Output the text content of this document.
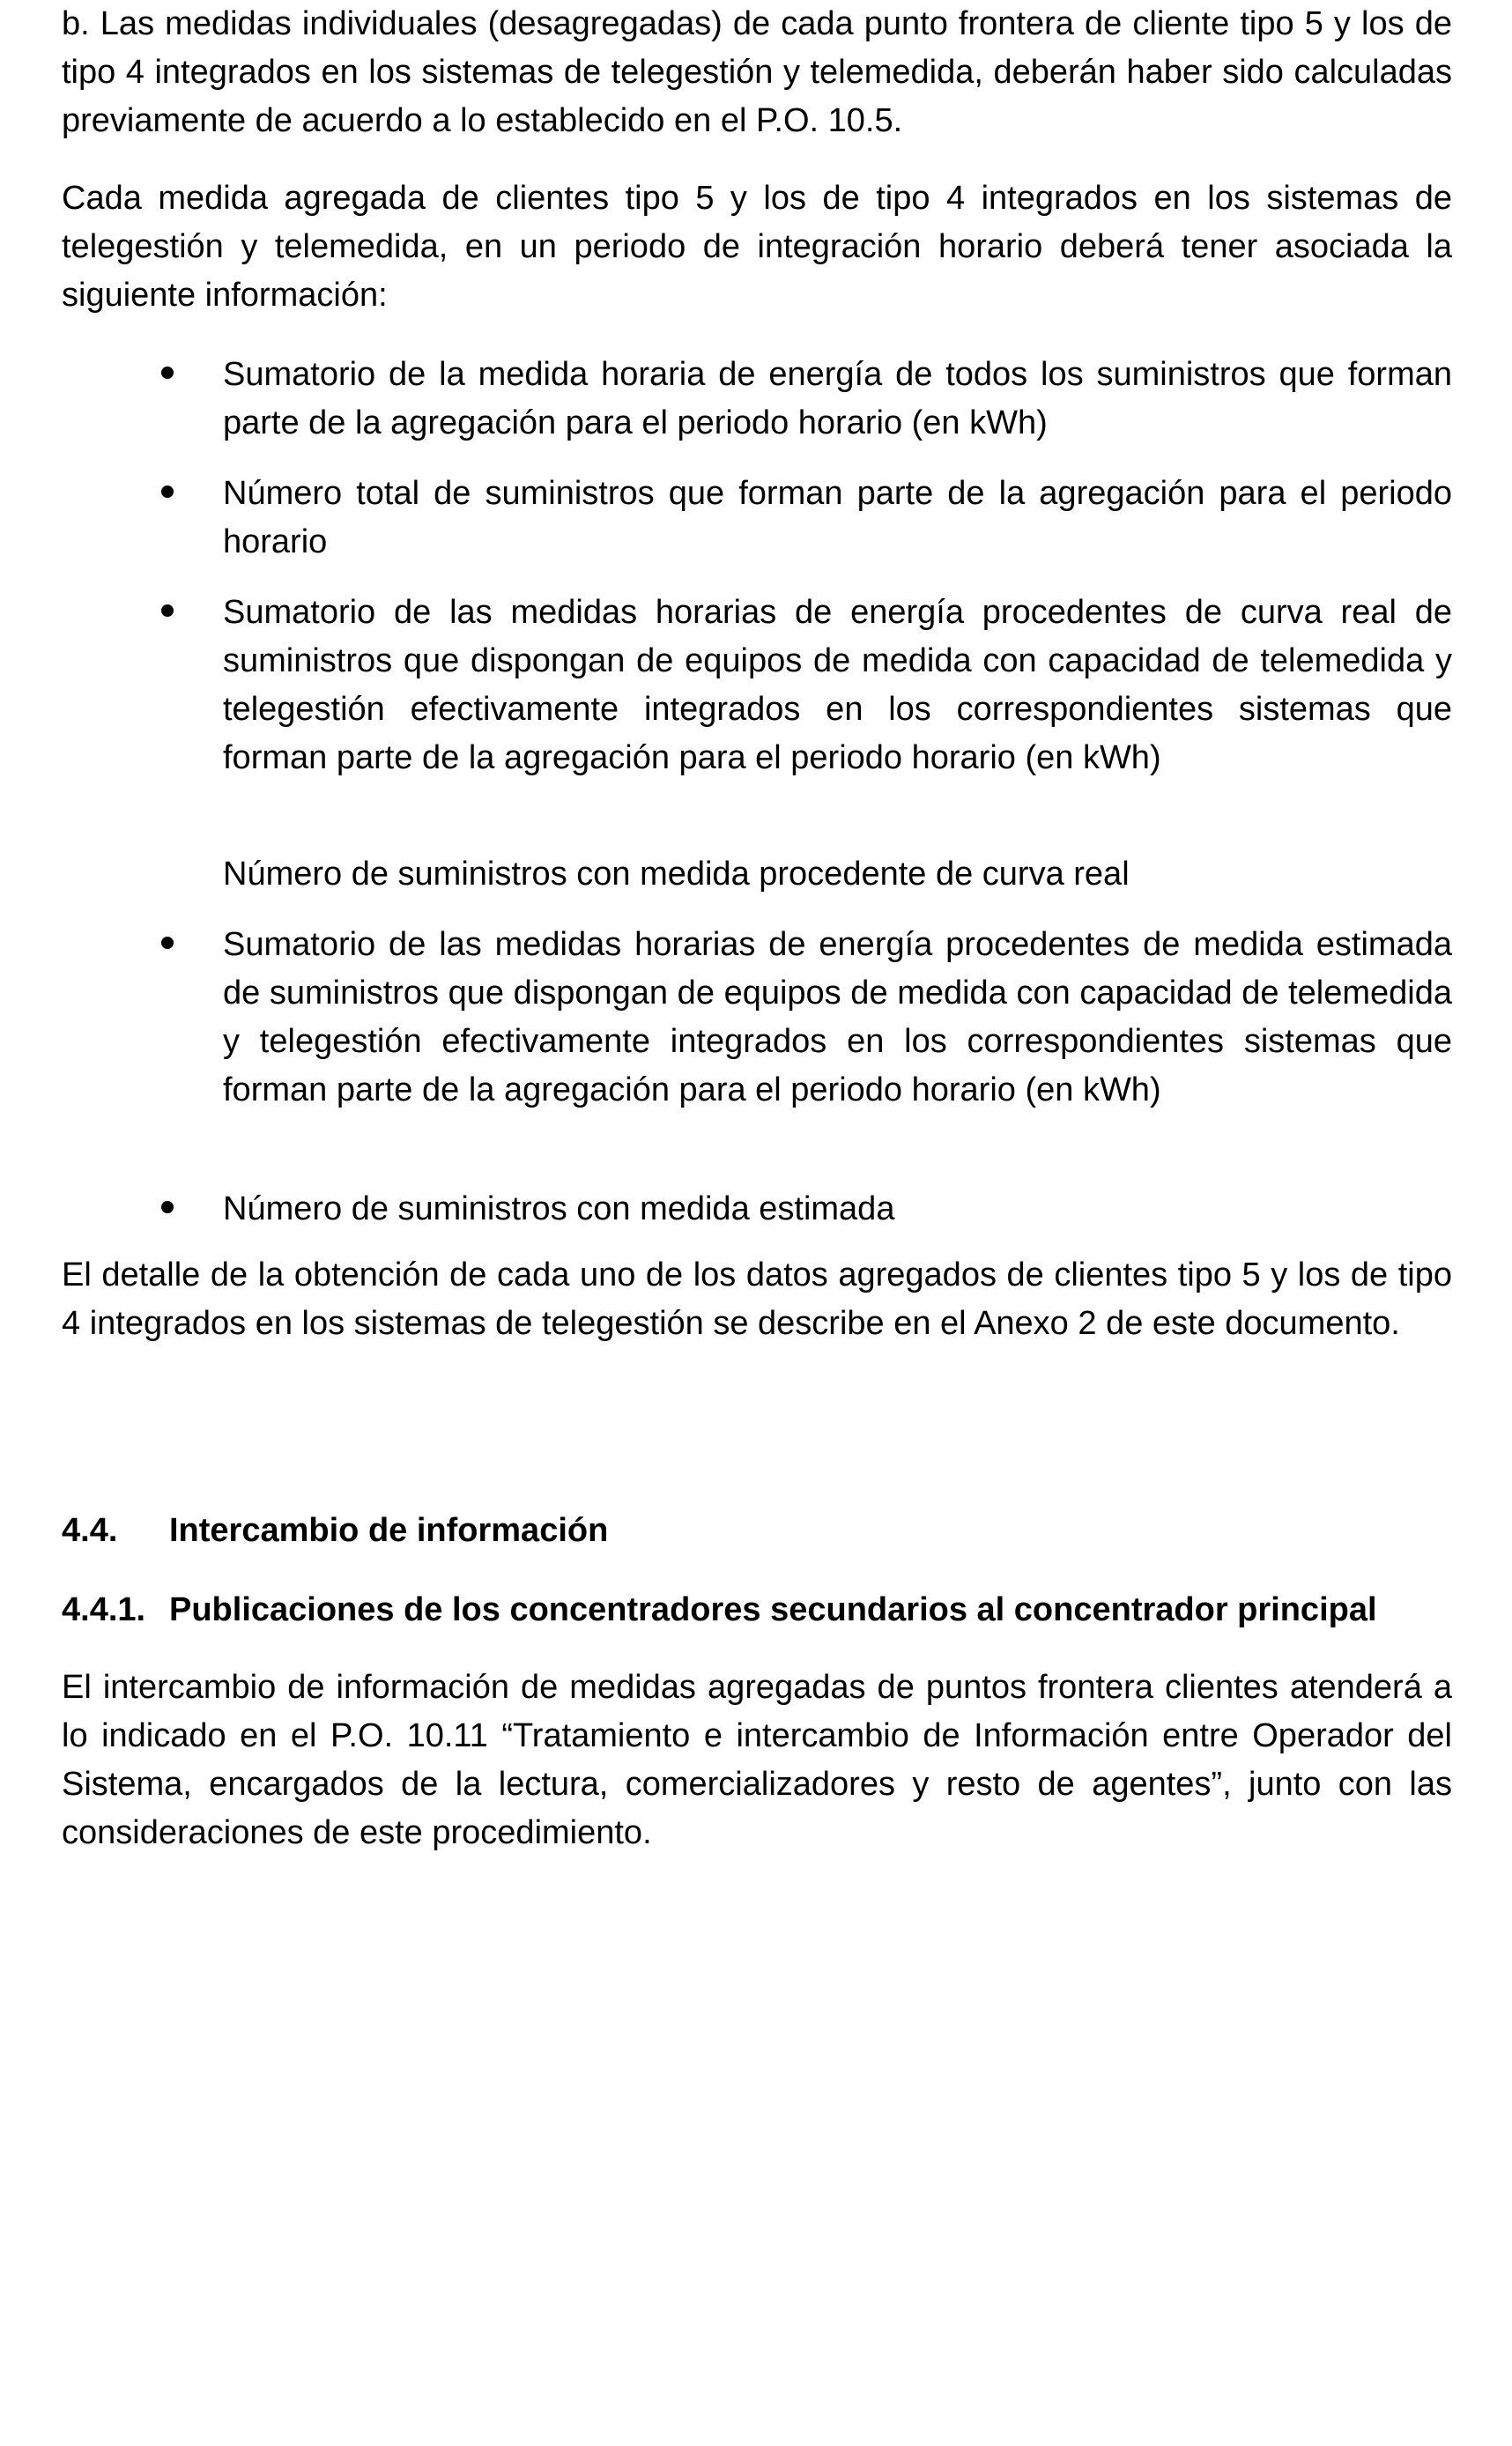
b. Las medidas individuales (desagregadas) de cada punto frontera de cliente tipo 5 y los de tipo 4 integrados en los sistemas de telegestión y telemedida, deberán haber sido calculadas previamente de acuerdo a lo establecido en el P.O. 10.5.

Cada medida agregada de clientes tipo 5 y los de tipo 4 integrados en los sistemas de telegestión y telemedida, en un periodo de integración horario deberá tener asociada la siguiente información:

Sumatorio de la medida horaria de energía de todos los suministros que forman parte de la agregación para el periodo horario (en kWh)
Número total de suministros que forman parte de la agregación para el periodo horario
Sumatorio de las medidas horarias de energía procedentes de curva real de suministros que dispongan de equipos de medida con capacidad de telemedida y telegestión efectivamente integrados en los correspondientes sistemas que forman parte de la agregación para el periodo horario (en kWh)
Número de suministros con medida procedente de curva real
Sumatorio de las medidas horarias de energía procedentes de medida estimada de suministros que dispongan de equipos de medida con capacidad de telemedida y telegestión efectivamente integrados en los correspondientes sistemas que forman parte de la agregación para el periodo horario (en kWh)
Número de suministros con medida estimada

El detalle de la obtención de cada uno de los datos agregados de clientes tipo 5 y los de tipo 4 integrados en los sistemas de telegestión se describe en el Anexo 2 de este documento.

4.4. Intercambio de información
4.4.1. Publicaciones de los concentradores secundarios al concentrador principal

El intercambio de información de medidas agregadas de puntos frontera clientes atenderá a lo indicado en el P.O. 10.11 “Tratamiento e intercambio de Información entre Operador del Sistema, encargados de la lectura, comercializadores y resto de agentes”, junto con las consideraciones de este procedimiento.
